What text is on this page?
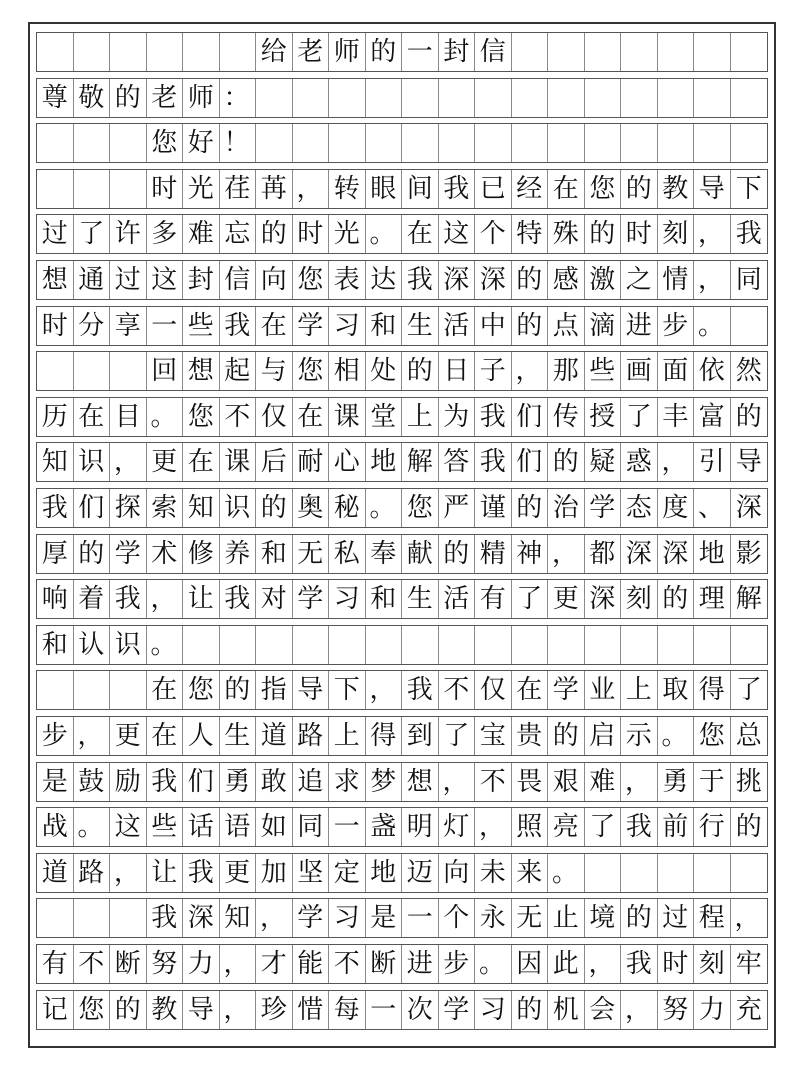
给 老 师 的 一 封 信
尊 敬 的 老 师 ：
您 好 ！
时 光 荏 苒 ， 转 眼 间 我 已 经 在 您 的 教 导 下
过 了 许 多 难 忘 的 时 光 。 在 这 个 特 殊 的 时 刻 ， 我
想 通 过 这 封 信 向 您 表 达 我 深 深 的 感 激 之 情 ， 同
时 分 享 一 些 我 在 学 习 和 生 活 中 的 点 滴 进 步 。
回 想 起 与 您 相 处 的 日 子 ， 那 些 画 面 依 然
历 在 目 。 您 不 仅 在 课 堂 上 为 我 们 传 授 了 丰 富 的
知 识 ， 更 在 课 后 耐 心 地 解 答 我 们 的 疑 惑 ， 引 导
我 们 探 索 知 识 的 奥 秘 。 您 严 谨 的 治 学 态 度 、 深
厚 的 学 术 修 养 和 无 私 奉 献 的 精 神 ， 都 深 深 地 影
响 着 我 ， 让 我 对 学 习 和 生 活 有 了 更 深 刻 的 理 解
和 认 识 。
在 您 的 指 导 下 ， 我 不 仅 在 学 业 上 取 得 了
步 ， 更 在 人 生 道 路 上 得 到 了 宝 贵 的 启 示 。 您 总
是 鼓 励 我 们 勇 敢 追 求 梦 想 ， 不 畏 艰 难 ， 勇 于 挑
战 。 这 些 话 语 如 同 一 盏 明 灯 ， 照 亮 了 我 前 行 的
道 路 ， 让 我 更 加 坚 定 地 迈 向 未 来 。
我 深 知 ， 学 习 是 一 个 永 无 止 境 的 过 程 ，
有 不 断 努 力 ， 才 能 不 断 进 步 。 因 此 ， 我 时 刻 牢
记 您 的 教 导 ， 珍 惜 每 一 次 学 习 的 机 会 ， 努 力 充
